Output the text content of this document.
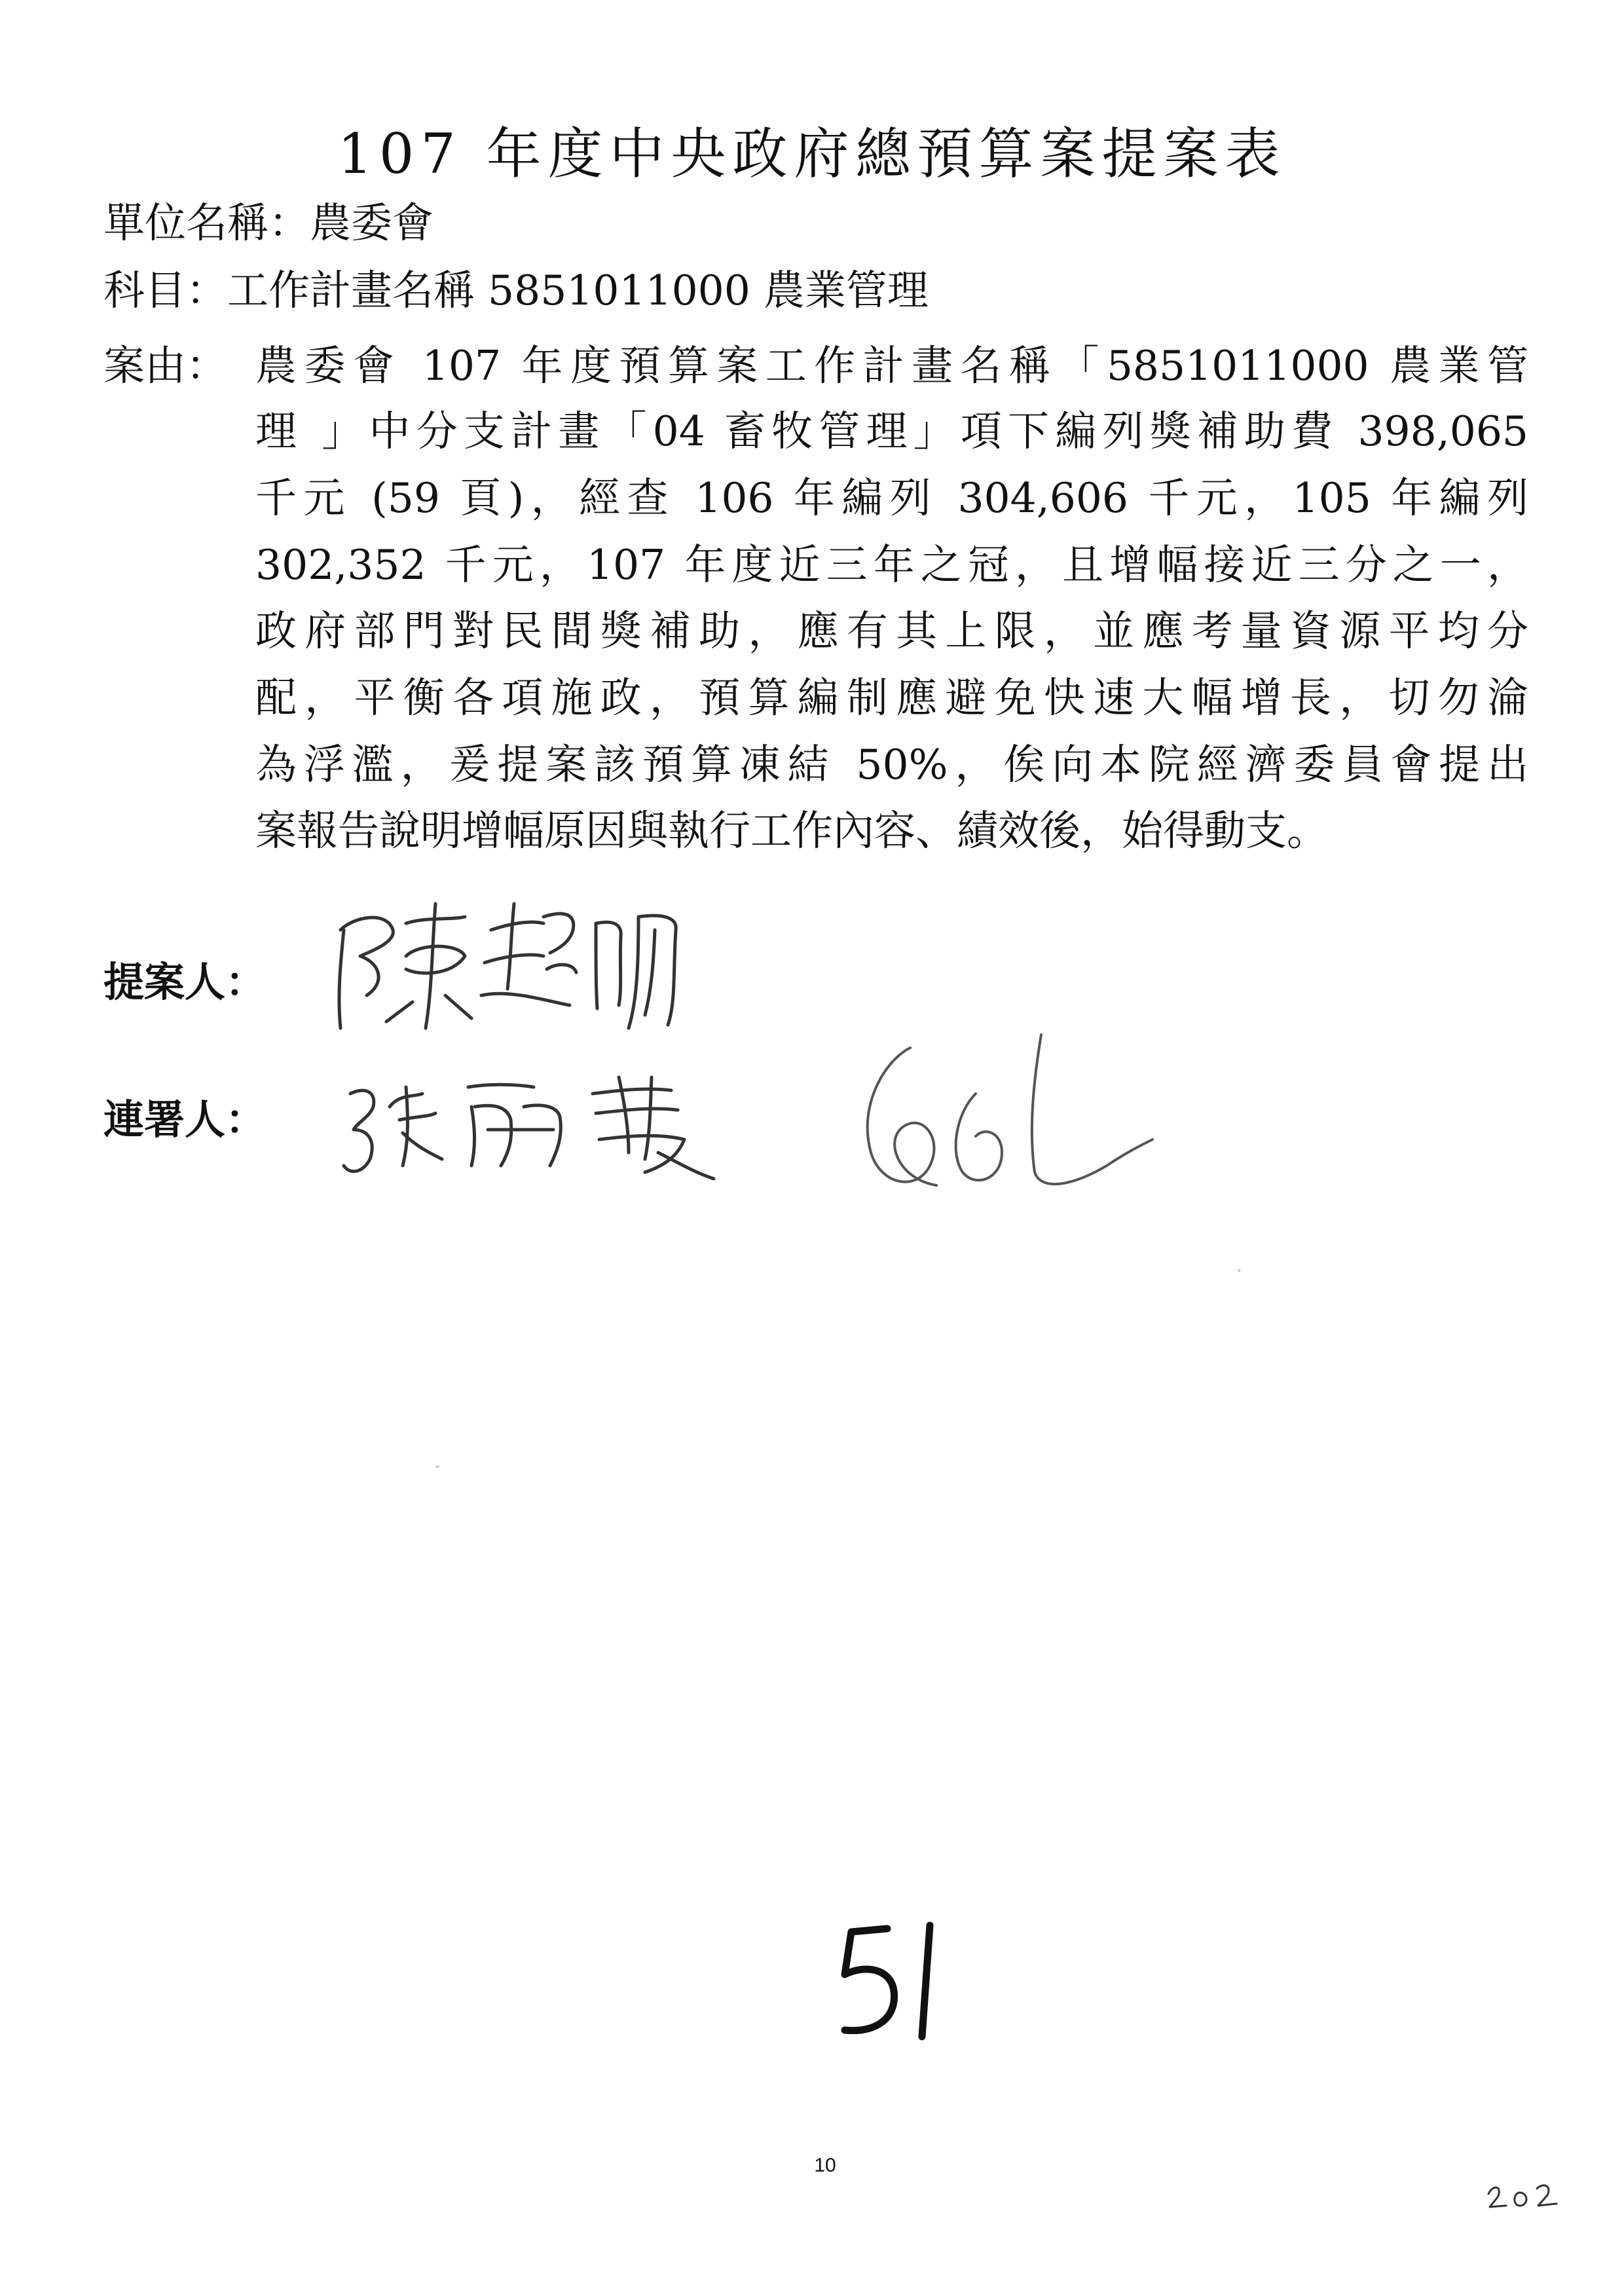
107 年度中央政府總預算案提案表
單位名稱：農委會
科目：工作計畫名稱 5851011000 農業管理
案由： 農委會 107 年度預算案工作計畫名稱「5851011000 農業管
理 」中分支計畫「04 畜牧管理」項下編列獎補助費 398,065
千元 (59 頁)，經查 106 年編列 304,606 千元，105 年編列
302,352 千元，107 年度近三年之冠，且增幅接近三分之一，
政府部門對民間獎補助，應有其上限，並應考量資源平均分
配，平衡各項施政，預算編制應避免快速大幅增長，切勿淪
為浮濫，爰提案該預算凍結 50%，俟向本院經濟委員會提出
案報告說明增幅原因與執行工作內容、績效後，始得動支。
提案人：
連署人：
10
